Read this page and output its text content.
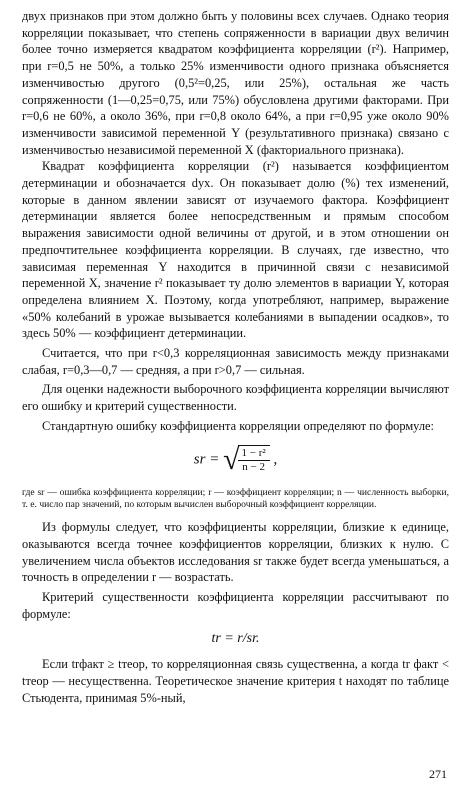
двух признаков при этом должно быть у половины всех случаев. Однако теория корреляции показывает, что степень сопряженности в вариации двух величин более точно измеряется квадратом коэффициента корреляции (r²). Например, при r=0,5 не 50%, а только 25% изменчивости одного признака объясняется изменчивостью другого (0,5²=0,25, или 25%), остальная же часть сопряженности (1—0,25=0,75, или 75%) обусловлена другими факторами. При r=0,6 не 60%, а около 36%, при r=0,8 около 64%, а при r=0,95 уже около 90% изменчивости зависимой переменной Y (результативного признака) связано с изменчивостью независимой переменной X (факториального признака).

Квадрат коэффициента корреляции (r²) называется коэффициентом детерминации и обозначается dyx. Он показывает долю (%) тех изменений, которые в данном явлении зависят от изучаемого фактора. Коэффициент детерминации является более непосредственным и прямым способом выражения зависимости одной величины от другой, и в этом отношении он предпочтительнее коэффициента корреляции. В случаях, где известно, что зависимая переменная Y находится в причинной связи с независимой переменной X, значение r² показывает ту долю элементов в вариации Y, которая определена влиянием X. Поэтому, когда употребляют, например, выражение «50% колебаний в урожае вызывается колебаниями в выпадении осадков», то здесь 50% — коэффициент детерминации.

Считается, что при r<0,3 корреляционная зависимость между признаками слабая, r=0,3—0,7 — средняя, а при r>0,7 — сильная.

Для оценки надежности выборочного коэффициента корреляции вычисляют его ошибку и критерий существенности.

Стандартную ошибку коэффициента корреляции определяют по формуле:

sr = √
$\frac{\text{1 − r²}}{n - 2}$ ,

где sr — ошибка коэффициента корреляции; r — коэффициент корреляции; n — численность выборки, т. е. число пар значений, по которым вычислен выборочный коэффициент корреляции.

Из формулы следует, что коэффициенты корреляции, близкие к единице, оказываются всегда точнее коэффициентов корреляции, близких к нулю. С увеличением числа объектов исследования sr также будет всегда уменьшаться, а точность в определении r — возрастать.

Критерий существенности коэффициента корреляции рассчитывают по формуле:

tr = r/sr.

Если trфакт ≥ tтеор, то корреляционная связь существенна, а когда tr факт < tтеор — несущественна. Теоретическое значение критерия t находят по таблице Стьюдента, принимая 5%-ный,

271
